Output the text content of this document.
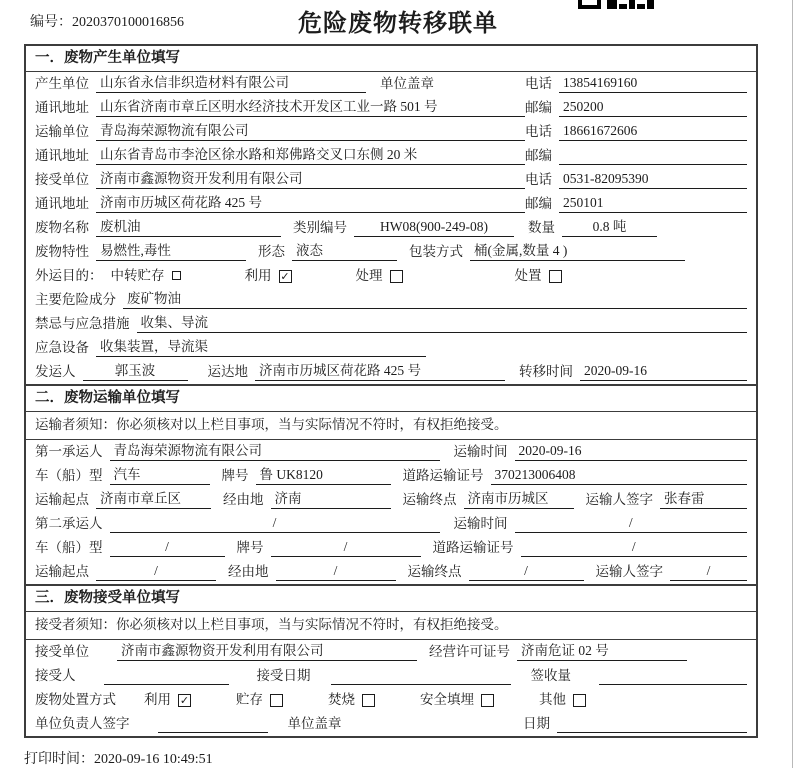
编号：2020370100016856	危险废物转移联单
一．废物产生单位填写
产生单位 山东省永信非织造材料有限公司	单位盖章	电话 13854169160
通讯地址 山东省济南市章丘区明水经济技术开发区工业一路 501 号	邮编 250200
运输单位 青岛海荣源物流有限公司	电话 18661672606
通讯地址 山东省青岛市李沧区徐水路和郑佛路交叉口东侧 20 米	邮编
接受单位 济南市鑫源物资开发利用有限公司	电话 0531-82095390
通讯地址 济南市历城区荷花路 425 号	邮编 250101
废物名称 废机油	类别编号	HW08(900-249-08)	数量	0.8 吨
废物特性 易燃性,毒性	形态 液态	包装方式 桶(金属,数量 4 )
外运目的： 中转贮存	利用 ✓	处理	处置
主要危险成分 废矿物油
禁忌与应急措施 收集、导流
应急设备 收集装置，导流渠
发运人	郭玉波	运达地 济南市历城区荷花路 425 号	转移时间 2020-09-16
二．废物运输单位填写
运输者须知：你必须核对以上栏目事项，当与实际情况不符时，有权拒绝接受。
第一承运人 青岛海荣源物流有限公司	运输时间 2020-09-16
车（船）型 汽车	牌号 鲁 UK8120	道路运输证号 370213006408
运输起点 济南市章丘区	经由地 济南	运输终点 济南市历城区	运输人签字 张春雷
第二承运人	/	运输时间	/
车（船）型	/	牌号	/	道路运输证号	/
运输起点	/	经由地	/	运输终点	/	运输人签字	/
三．废物接受单位填写
接受者须知：你必须核对以上栏目事项，当与实际情况不符时，有权拒绝接受。
接受单位 济南市鑫源物资开发利用有限公司	经营许可证号 济南危证 02 号
接受人	接受日期	签收量
废物处置方式 利用 ✓	贮存	焚烧	安全填埋	其他
单位负责人签字	单位盖章	日期
打印时间：2020-09-16 10:49:51
